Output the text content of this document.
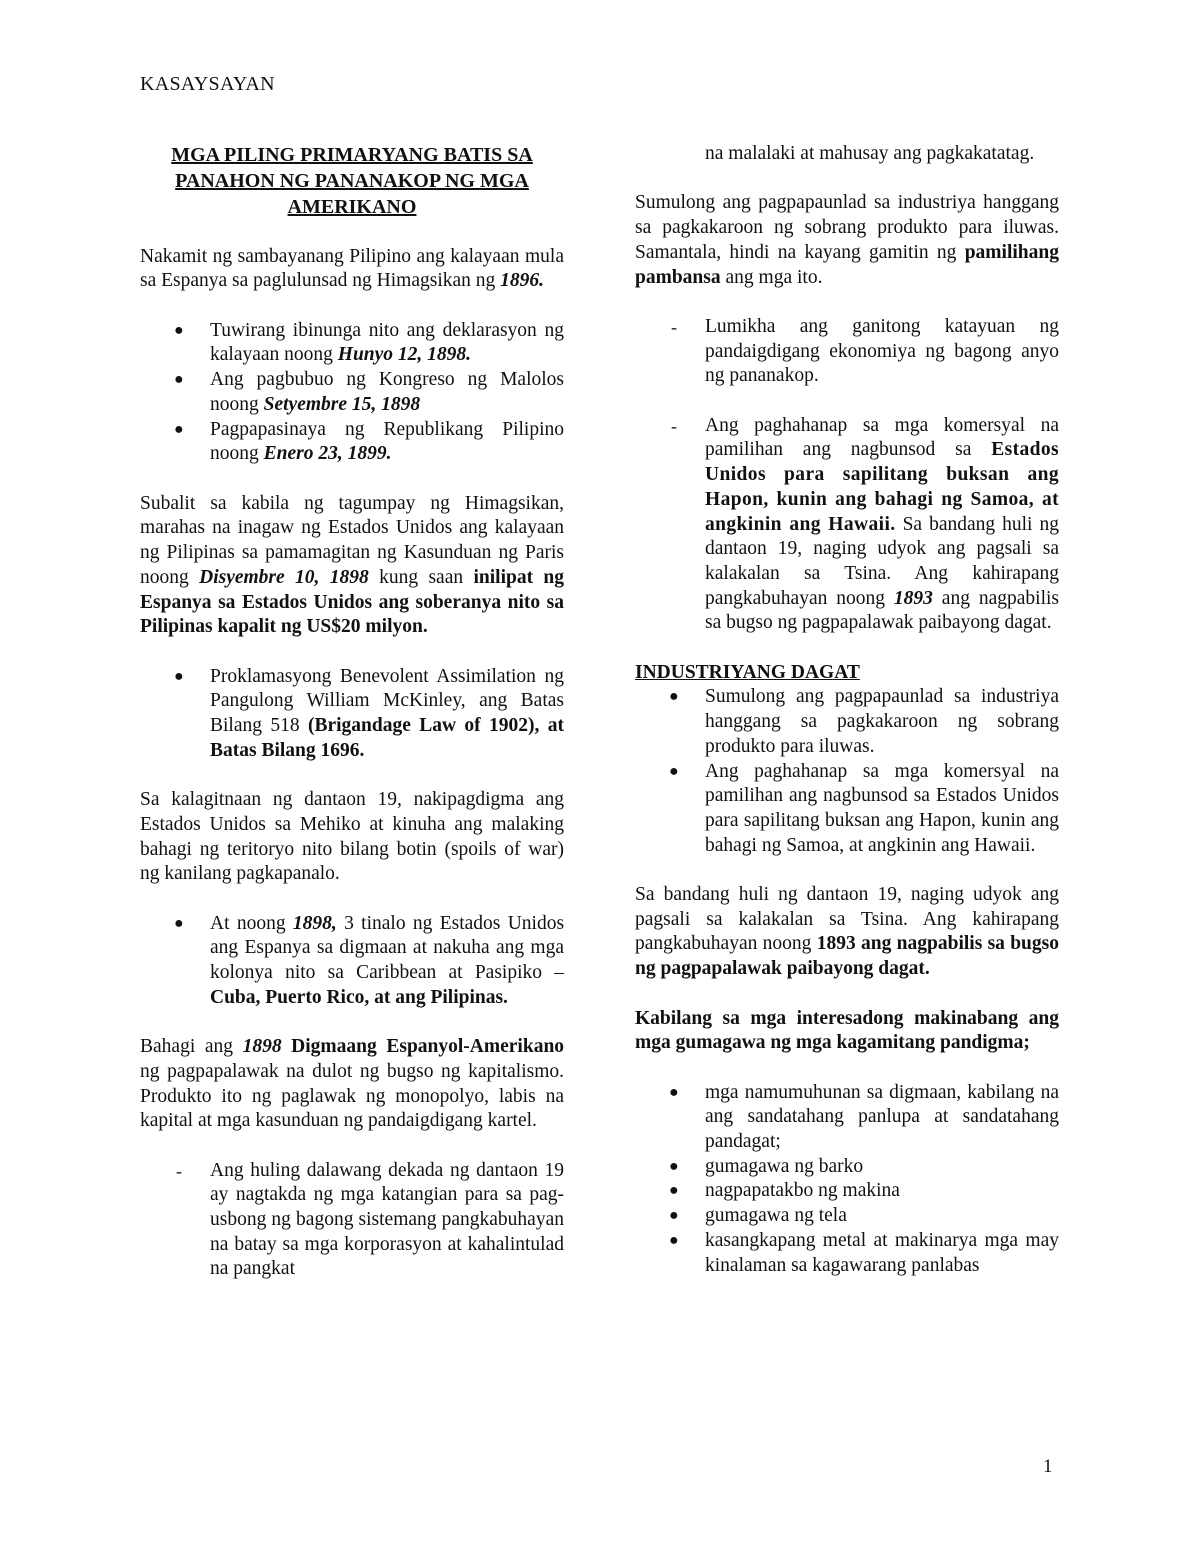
KASAYSAYAN
MGA PILING PRIMARYANG BATIS SA
PANAHON NG PANANAKOP NG MGA
AMERIKANO

Nakamit ng sambayanang Pilipino ang kalayaan mula sa Espanya sa paglulunsad ng Himagsikan ng 1896.

● Tuwirang ibinunga nito ang deklarasyon ng kalayaan noong Hunyo 12, 1898.
● Ang pagbubuo ng Kongreso ng Malolos noong Setyembre 15, 1898
● Pagpapasinaya ng Republikang Pilipino noong Enero 23, 1899.

Subalit sa kabila ng tagumpay ng Himagsikan, marahas na inagaw ng Estados Unidos ang kalayaan ng Pilipinas sa pamamagitan ng Kasunduan ng Paris noong Disyembre 10, 1898 kung saan inilipat ng Espanya sa Estados Unidos ang soberanya nito sa Pilipinas kapalit ng US$20 milyon.

● Proklamasyong Benevolent Assimilation ng Pangulong William McKinley, ang Batas Bilang 518 (Brigandage Law of 1902), at Batas Bilang 1696.

Sa kalagitnaan ng dantaon 19, nakipagdigma ang Estados Unidos sa Mehiko at kinuha ang malaking bahagi ng teritoryo nito bilang botin (spoils of war) ng kanilang pagkapanalo.

● At noong 1898, 3 tinalo ng Estados Unidos ang Espanya sa digmaan at nakuha ang mga kolonya nito sa Caribbean at Pasipiko – Cuba, Puerto Rico, at ang Pilipinas.

Bahagi ang 1898 Digmaang Espanyol-Amerikano ng pagpapalawak na dulot ng bugso ng kapitalismo. Produkto ito ng paglawak ng monopolyo, labis na kapital at mga kasunduan ng pandaigdigang kartel.

- Ang huling dalawang dekada ng dantaon 19 ay nagtakda ng mga katangian para sa pag-usbong ng bagong sistemang pangkabuhayan na batay sa mga korporasyon at kahalintulad na pangkat
na malalaki at mahusay ang pagkakatatag.

Sumulong ang pagpapaunlad sa industriya hanggang sa pagkakaroon ng sobrang produkto para iluwas. Samantala, hindi na kayang gamitin ng pamilihang pambansa ang mga ito.

- Lumikha ang ganitong katayuan ng pandaigdigang ekonomiya ng bagong anyo ng pananakop.
- Ang paghahanap sa mga komersyal na pamilihan ang nagbunsod sa Estados Unidos para sapilitang buksan ang Hapon, kunin ang bahagi ng Samoa, at angkinin ang Hawaii. Sa bandang huli ng dantaon 19, naging udyok ang pagsali sa kalakalan sa Tsina. Ang kahirapang pangkabuhayan noong 1893 ang nagpabilis sa bugso ng pagpapalawak paibayong dagat.

INDUSTRIYANG DAGAT

● Sumulong ang pagpapaunlad sa industriya hanggang sa pagkakaroon ng sobrang produkto para iluwas.
● Ang paghahanap sa mga komersyal na pamilihan ang nagbunsod sa Estados Unidos para sapilitang buksan ang Hapon, kunin ang bahagi ng Samoa, at angkinin ang Hawaii.

Sa bandang huli ng dantaon 19, naging udyok ang pagsali sa kalakalan sa Tsina. Ang kahirapang pangkabuhayan noong 1893 ang nagpabilis sa bugso ng pagpapalawak paibayong dagat.

Kabilang sa mga interesadong makinabang ang mga gumagawa ng mga kagamitang pandigma;

● mga namumuhunan sa digmaan, kabilang na ang sandatahang panlupa at sandatahang pandagat;
● gumagawa ng barko
● nagpapatakbo ng makina
● gumagawa ng tela
● kasangkapang metal at makinarya mga may kinalaman sa kagawarang panlabas
1
